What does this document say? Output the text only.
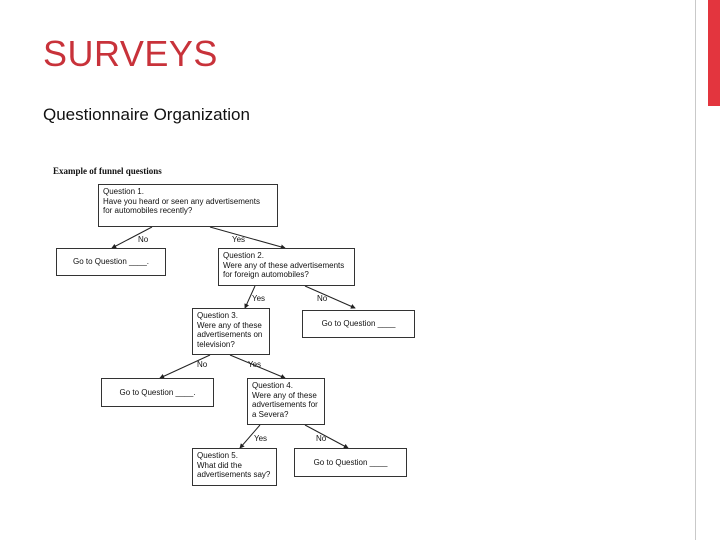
SURVEYS
Questionnaire Organization
Example of funnel questions
Question 1.
Have you heard or seen any advertisements
for automobiles recently?
No	Yes
Go to Question ____.
Question 2.
Were any of these advertisements
for foreign automobiles?
Yes	No
Question 3.
Were any of these
advertisements on
television?
Go to Question ____
No	Yes
Go to Question ____.
Question 4.
Were any of these
advertisements for
a Severa?
Yes	No
Question 5.
What did the
advertisements say?
Go to Question ____
